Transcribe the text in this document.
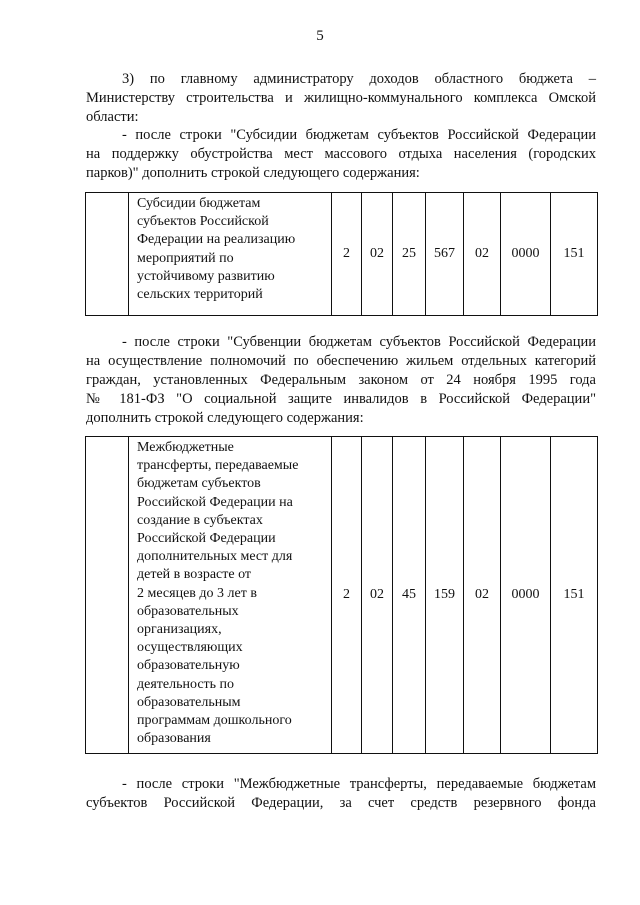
5
3) по главному администратору доходов областного бюджета –
Министерству строительства и жилищно-коммунального комплекса Омской
области:
- после строки "Субсидии бюджетам субъектов Российской Федерации
на поддержку обустройства мест массового отдыха населения (городских
парков)" дополнить строкой следующего содержания:

Субсидии бюджетам
субъектов Российской
Федерации на реализацию
мероприятий по
устойчивому развитию
сельских территорий
	2	02	25	567	02	0000	151
- после строки "Субвенции бюджетам субъектов Российской Федерации
на осуществление полномочий по обеспечению жильем отдельных категорий
граждан, установленных Федеральным законом от 24 ноября 1995 года
№ 181-ФЗ "О социальной защите инвалидов в Российской Федерации"
дополнить строкой следующего содержания:

Межбюджетные
трансферты, передаваемые
бюджетам субъектов
Российской Федерации на
создание в субъектах
Российской Федерации
дополнительных мест для
детей в возрасте от
2 месяцев до 3 лет в
образовательных
организациях,
осуществляющих
образовательную
деятельность по
образовательным
программам дошкольного
образования
	2	02	45	159	02	0000	151
- после строки "Межбюджетные трансферты, передаваемые бюджетам
субъектов Российской Федерации, за счет средств резервного фонда
